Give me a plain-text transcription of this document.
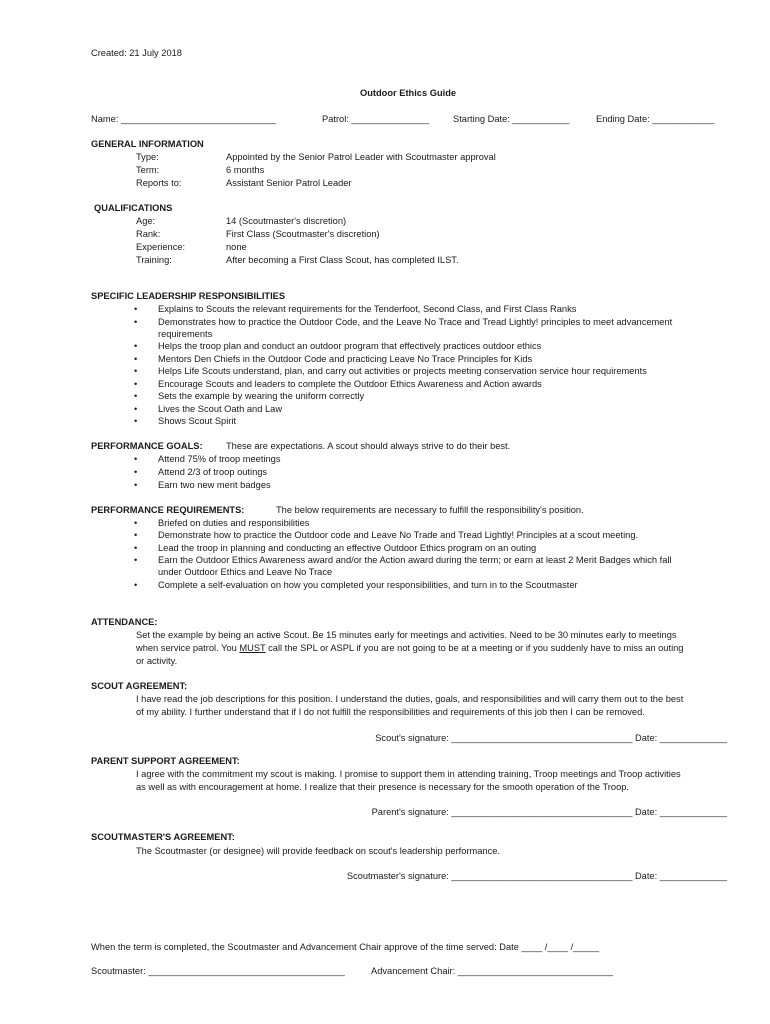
Created: 21 July 2018
Outdoor Ethics Guide
Name: ______________________________	Patrol: _______________	Starting Date: ___________	Ending Date: ____________
GENERAL INFORMATION
Type:	Appointed by the Senior Patrol Leader with Scoutmaster approval
Term:	6 months
Reports to:	Assistant Senior Patrol Leader
QUALIFICATIONS
Age:	14 (Scoutmaster's discretion)
Rank:	First Class (Scoutmaster's discretion)
Experience:	none
Training:	After becoming a First Class Scout, has completed ILST.
SPECIFIC LEADERSHIP RESPONSIBILITIES
• Explains to Scouts the relevant requirements for the Tenderfoot, Second Class, and First Class Ranks
• Demonstrates how to practice the Outdoor Code, and the Leave No Trace and Tread Lightly! principles to meet advancement
requirements
• Helps the troop plan and conduct an outdoor program that effectively practices outdoor ethics
• Mentors Den Chiefs in the Outdoor Code and practicing Leave No Trace Principles for Kids
• Helps Life Scouts understand, plan, and carry out activities or projects meeting conservation service hour requirements
• Encourage Scouts and leaders to complete the Outdoor Ethics Awareness and Action awards
• Sets the example by wearing the uniform correctly
• Lives the Scout Oath and Law
• Shows Scout Spirit
PERFORMANCE GOALS:	These are expectations. A scout should always strive to do their best.
• Attend 75% of troop meetings
• Attend 2/3 of troop outings
• Earn two new merit badges
PERFORMANCE REQUIREMENTS:	The below requirements are necessary to fulfill the responsibility's position.
• Briefed on duties and responsibilities
• Demonstrate how to practice the Outdoor code and Leave No Trade and Tread Lightly! Principles at a scout meeting.
• Lead the troop in planning and conducting an effective Outdoor Ethics program on an outing
• Earn the Outdoor Ethics Awareness award and/or the Action award during the term; or earn at least 2 Merit Badges which fall
under Outdoor Ethics and Leave No Trace
• Complete a self-evaluation on how you completed your responsibilities, and turn in to the Scoutmaster
ATTENDANCE:
Set the example by being an active Scout. Be 15 minutes early for meetings and activities. Need to be 30 minutes early to meetings
when service patrol. You MUST call the SPL or ASPL if you are not going to be at a meeting or if you suddenly have to miss an outing
or activity.
SCOUT AGREEMENT:
I have read the job descriptions for this position. I understand the duties, goals, and responsibilities and will carry them out to the best
of my ability. I further understand that if I do not fulfill the responsibilities and requirements of this job then I can be removed.
Scout's signature: ___________________________________ Date: _____________
PARENT SUPPORT AGREEMENT:
I agree with the commitment my scout is making. I promise to support them in attending training, Troop meetings and Troop activities
as well as with encouragement at home. I realize that their presence is necessary for the smooth operation of the Troop.
Parent's signature: ___________________________________ Date: _____________
SCOUTMASTER'S AGREEMENT:
The Scoutmaster (or designee) will provide feedback on scout's leadership performance.
Scoutmaster's signature: ___________________________________ Date: _____________
When the term is completed, the Scoutmaster and Advancement Chair approve of the time served: Date ____ /____ /_____
Scoutmaster: ______________________________________	Advancement Chair: ______________________________
